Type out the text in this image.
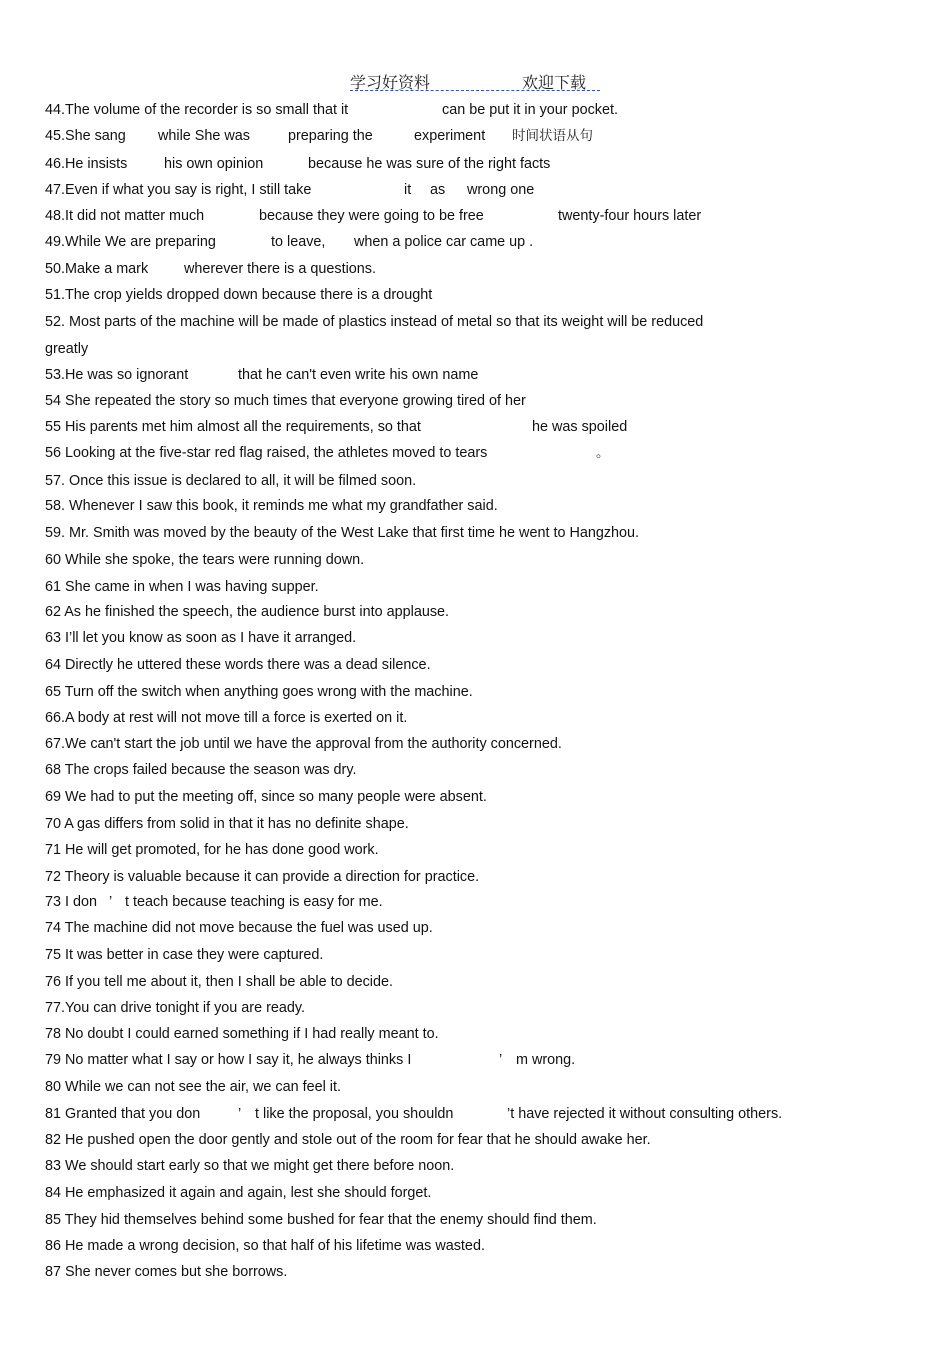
学习好资料	欢迎下载
44.The volume of the recorder is so small that it	can be put it in your pocket.
45.She sang while She was	preparing the	experiment 时间状语从句
46.He insists	his own opinion	because he was sure of the right facts
47.Even if what you say is right, I still take	it as wrong one
48.It did not matter much	because they were going to be free	twenty-four hours later
49.While We are preparing	to leave, when a police car came up .
50.Make a mark wherever there is a questions.
51.The crop yields dropped down because there is a drought
52. Most parts of the machine will be made of plastics instead of metal so that its weight will be reduced
greatly
53.He was so ignorant	that he can't even write his own name
54 She repeated the story so much times that everyone growing tired of her
55 His parents met him almost all the requirements, so that	he was spoiled
56 Looking at the five-star red flag raised, the athletes moved to tears	。
57. Once this issue is declared to all, it will be filmed soon.
58. Whenever I saw this book, it reminds me what my grandfather said.
59. Mr. Smith was moved by the beauty of the West Lake that first time he went to Hangzhou.
60 While she spoke, the tears were running down.
61 She came in when I was having supper.
62 As he finished the speech, the audience burst into applause.
63 I’ll let you know as soon as I have it arranged.
64 Directly he uttered these words there was a dead silence.
65 Turn off the switch when anything goes wrong with the machine.
66.A body at rest will not move till a force is exerted on it.
67.We can't start the job until we have the approval from the authority concerned.
68 The crops failed because the season was dry.
69 We had to put the meeting off, since so many people were absent.
70 A gas differs from solid in that it has no definite shape.
71 He will get promoted, for he has done good work.
72 Theory is valuable because it can provide a direction for practice.
73 I don ’ t teach because teaching is easy for me.
74 The machine did not move because the fuel was used up.
75 It was better in case they were captured.
76 If you tell me about it, then I shall be able to decide.
77.You can drive tonight if you are ready.
78 No doubt I could earned something if I had really meant to.
79 No matter what I say or how I say it, he always thinks I	’ m wrong.
80 While we can not see the air, we can feel it.
81 Granted that you don	’ t like the proposal, you shouldn	’t have rejected it without consulting others.
82 He pushed open the door gently and stole out of the room for fear that he should awake her.
83 We should start early so that we might get there before noon.
84 He emphasized it again and again, lest she should forget.
85 They hid themselves behind some bushed for fear that the enemy should find them.
86 He made a wrong decision, so that half of his lifetime was wasted.
87 She never comes but she borrows.
